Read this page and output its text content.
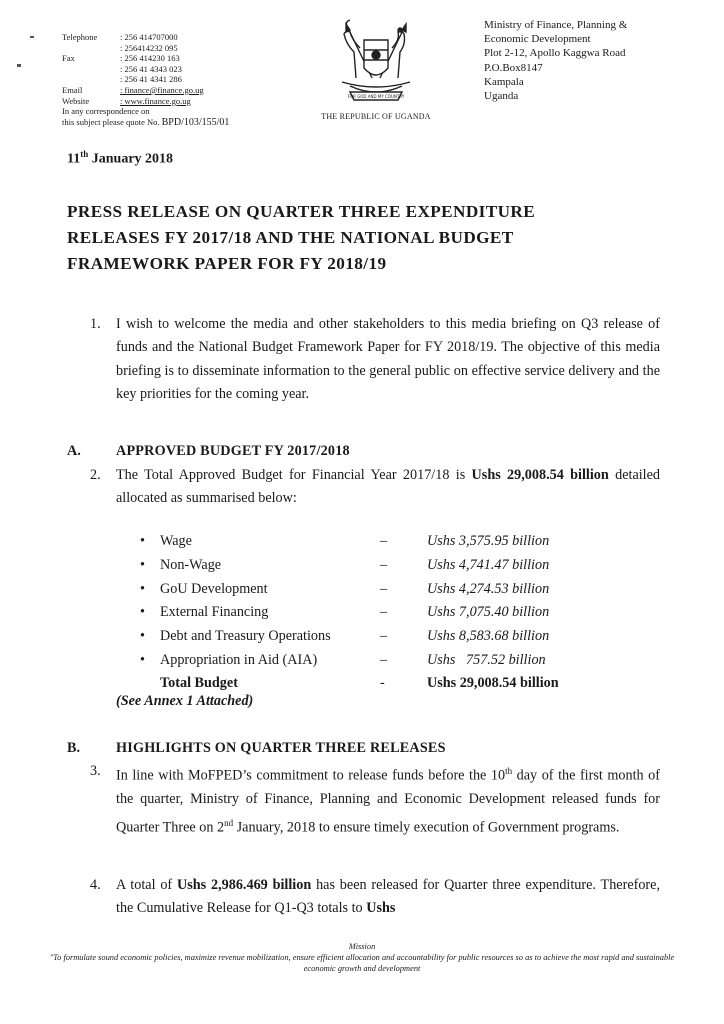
Telephone	: 256 414707000
: 256414232 095
Fax	: 256 414230 163
: 256 41 4343 023
: 256 41 4341 286
Email	: finance@finance.go.ug
Website	: www.finance.go.ug
In any correspondence on
this subject please quote No. BPD/103/155/01
FOR GOD AND MY COUNTRY
THE REPUBLIC OF UGANDA
Ministry of Finance, Planning &
Economic Development
Plot 2-12, Apollo Kaggwa Road
P.O.Box8147
Kampala
Uganda
11th January 2018
PRESS RELEASE ON QUARTER THREE EXPENDITURE
RELEASES FY 2017/18 AND THE NATIONAL BUDGET
FRAMEWORK PAPER FOR FY 2018/19
1. I wish to welcome the media and other stakeholders to this media briefing on Q3 release of funds and the National Budget Framework Paper for FY 2018/19. The objective of this media briefing is to disseminate information to the general public on effective service delivery and the key priorities for the coming year.
A. APPROVED BUDGET FY 2017/2018
2. The Total Approved Budget for Financial Year 2017/18 is Ushs 29,008.54 billion detailed allocated as summarised below:
• Wage	–	Ushs 3,575.95 billion
• Non-Wage	–	Ushs 4,741.47 billion
• GoU Development	–	Ushs 4,274.53 billion
• External Financing	–	Ushs 7,075.40 billion
• Debt and Treasury Operations	–	Ushs 8,583.68 billion
• Appropriation in Aid (AIA)	–	Ushs   757.52 billion
Total Budget	-	Ushs 29,008.54 billion
(See Annex 1 Attached)
B.	HIGHLIGHTS ON QUARTER THREE RELEASES
3. In line with MoFPED’s commitment to release funds before the 10th day of the first month of the quarter, Ministry of Finance, Planning and Economic Development released funds for Quarter Three on 2nd January, 2018 to ensure timely execution of Government programs.
4. A total of Ushs 2,986.469 billion has been released for Quarter three expenditure. Therefore, the Cumulative Release for Q1-Q3 totals to Ushs
Mission
"To formulate sound economic policies, maximize revenue mobilization, ensure efficient allocation and accountability for public resources so as to achieve the most rapid and sustainable economic growth and development
